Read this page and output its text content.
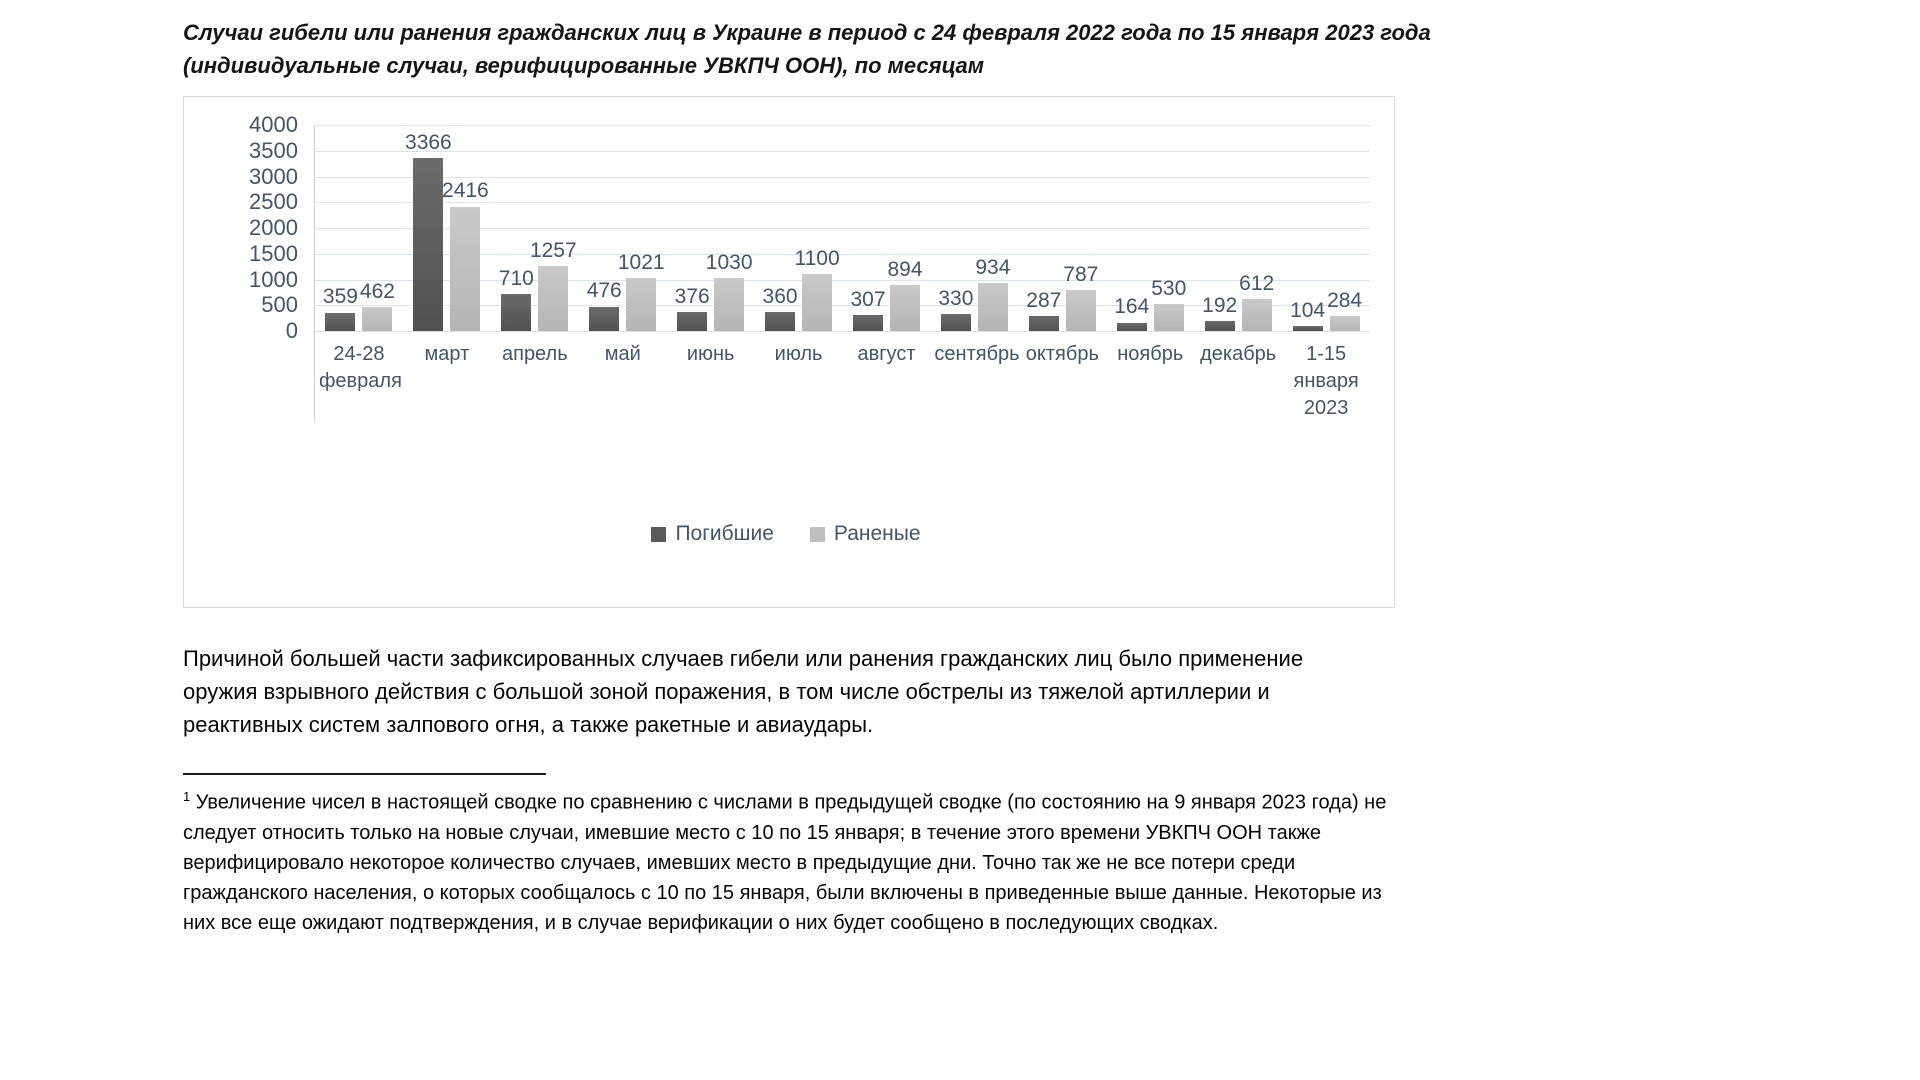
Случаи гибели или ранения гражданских лиц в Украине в период с 24 февраля 2022 года по 15 января 2023 года (индивидуальные случаи, верифицированные УВКПЧ ООН), по месяцам
4000
3500
3000
2500
2000
1500
1000
500
0
359 462
3366
2416
710
1257
476
1021
376
1030
360
1100
307
894
330
934
287
787
164
530
192
612
104 284
24-28 февраля
март апрель май июнь июль август сентябрь октябрь ноябрь декабрь	1-15 января 2023
Погибшие	Раненые
Причиной большей части зафиксированных случаев гибели или ранения гражданских лиц было применение оружия взрывного действия с большой зоной поражения, в том числе обстрелы из тяжелой артиллерии и реактивных систем залпового огня, а также ракетные и авиаудары.
$^1$ Увеличение чисел в настоящей сводке по сравнению с числами в предыдущей сводке (по состоянию на 9 января 2023 года) не следует относить только на новые случаи, имевшие место с 10 по 15 января; в течение этого времени УВКПЧ ООН также верифицировало некоторое количество случаев, имевших место в предыдущие дни. Точно так же не все потери среди гражданского населения, о которых сообщалось с 10 по 15 января, были включены в приведенные выше данные. Некоторые из них все еще ожидают подтверждения, и в случае верификации о них будет сообщено в последующих сводках.
